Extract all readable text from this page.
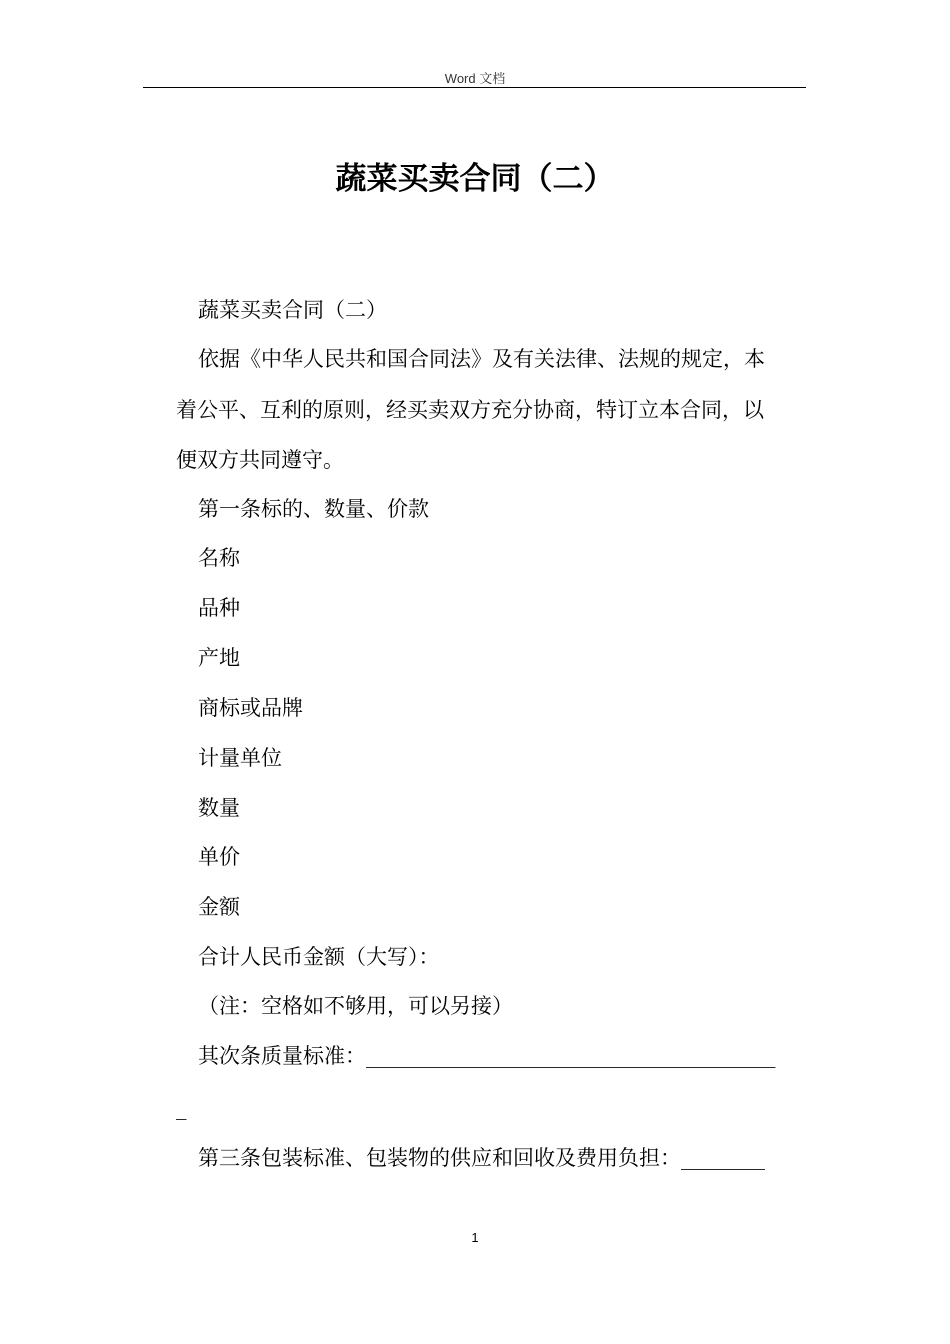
Word 文档
蔬菜买卖合同（二）
蔬菜买卖合同（二）
依据《中华人民共和国合同法》及有关法律、法规的规定，本
着公平、互利的原则，经买卖双方充分协商，特订立本合同，以
便双方共同遵守。
第一条标的、数量、价款
名称
品种
产地
商标或品牌
计量单位
数量
单价
金额
合计人民币金额（大写）：
（注：空格如不够用，可以另接）
其次条质量标准：_______________________________________
_
第三条包装标准、包装物的供应和回收及费用负担：________
1
